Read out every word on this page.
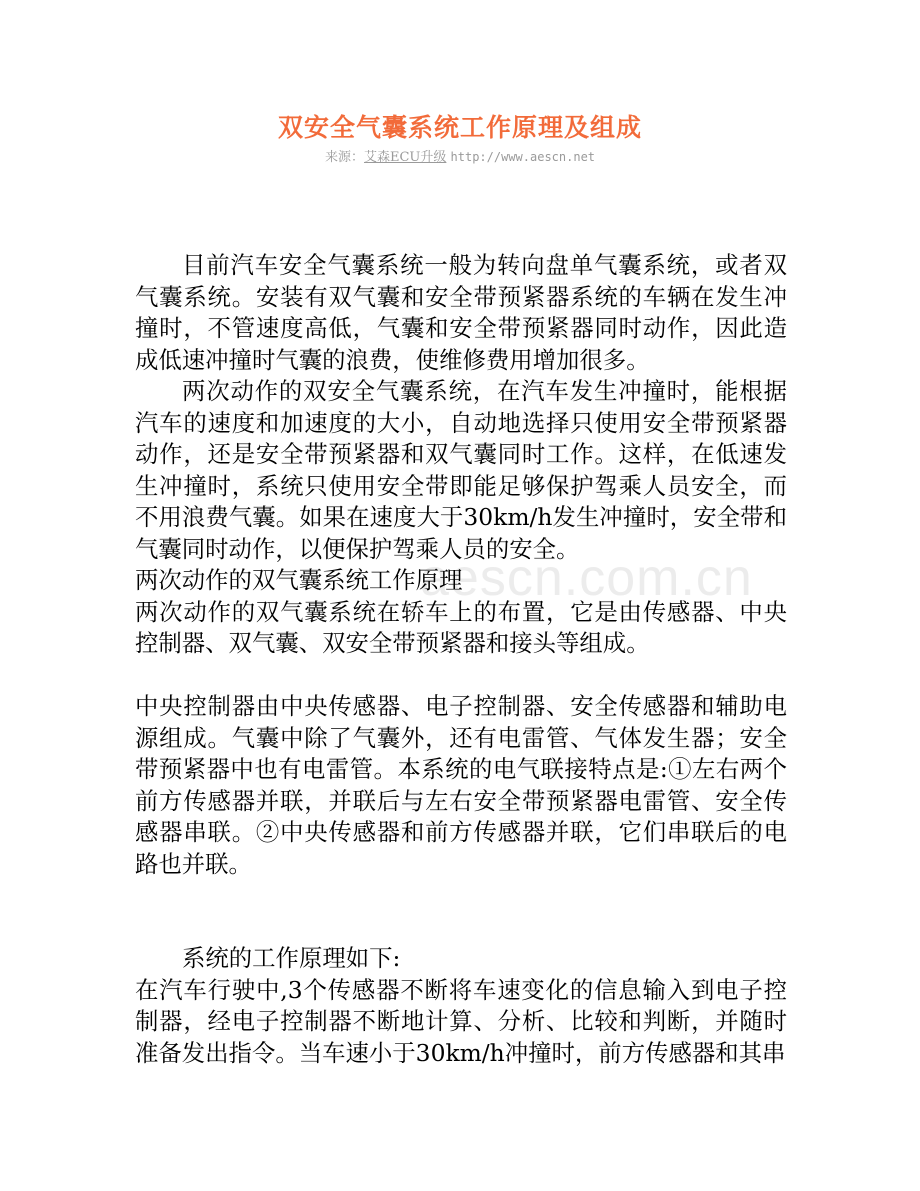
双安全气囊系统工作原理及组成
来源：艾森ECU升级 http://www.aescn.net
aescn.com.cn

目前汽车安全气囊系统一般为转向盘单气囊系统，或者双气囊系统。安装有双气囊和安全带预紧器系统的车辆在发生冲撞时，不管速度高低，气囊和安全带预紧器同时动作，因此造成低速冲撞时气囊的浪费，使维修费用增加很多。

两次动作的双安全气囊系统，在汽车发生冲撞时，能根据汽车的速度和加速度的大小，自动地选择只使用安全带预紧器动作，还是安全带预紧器和双气囊同时工作。这样，在低速发生冲撞时，系统只使用安全带即能足够保护驾乘人员安全，而不用浪费气囊。如果在速度大于30km/h发生冲撞时，安全带和气囊同时动作，以便保护驾乘人员的安全。

两次动作的双气囊系统工作原理

两次动作的双气囊系统在轿车上的布置，它是由传感器、中央控制器、双气囊、双安全带预紧器和接头等组成。

中央控制器由中央传感器、电子控制器、安全传感器和辅助电源组成。气囊中除了气囊外，还有电雷管、气体发生器；安全带预紧器中也有电雷管。本系统的电气联接特点是:①左右两个前方传感器并联，并联后与左右安全带预紧器电雷管、安全传感器串联。②中央传感器和前方传感器并联，它们串联后的电路也并联。

系统的工作原理如下:

在汽车行驶中,3个传感器不断将车速变化的信息输入到电子控制器，经电子控制器不断地计算、分析、比较和判断，并随时准备发出指令。当车速小于30km/h冲撞时，前方传感器和其串
